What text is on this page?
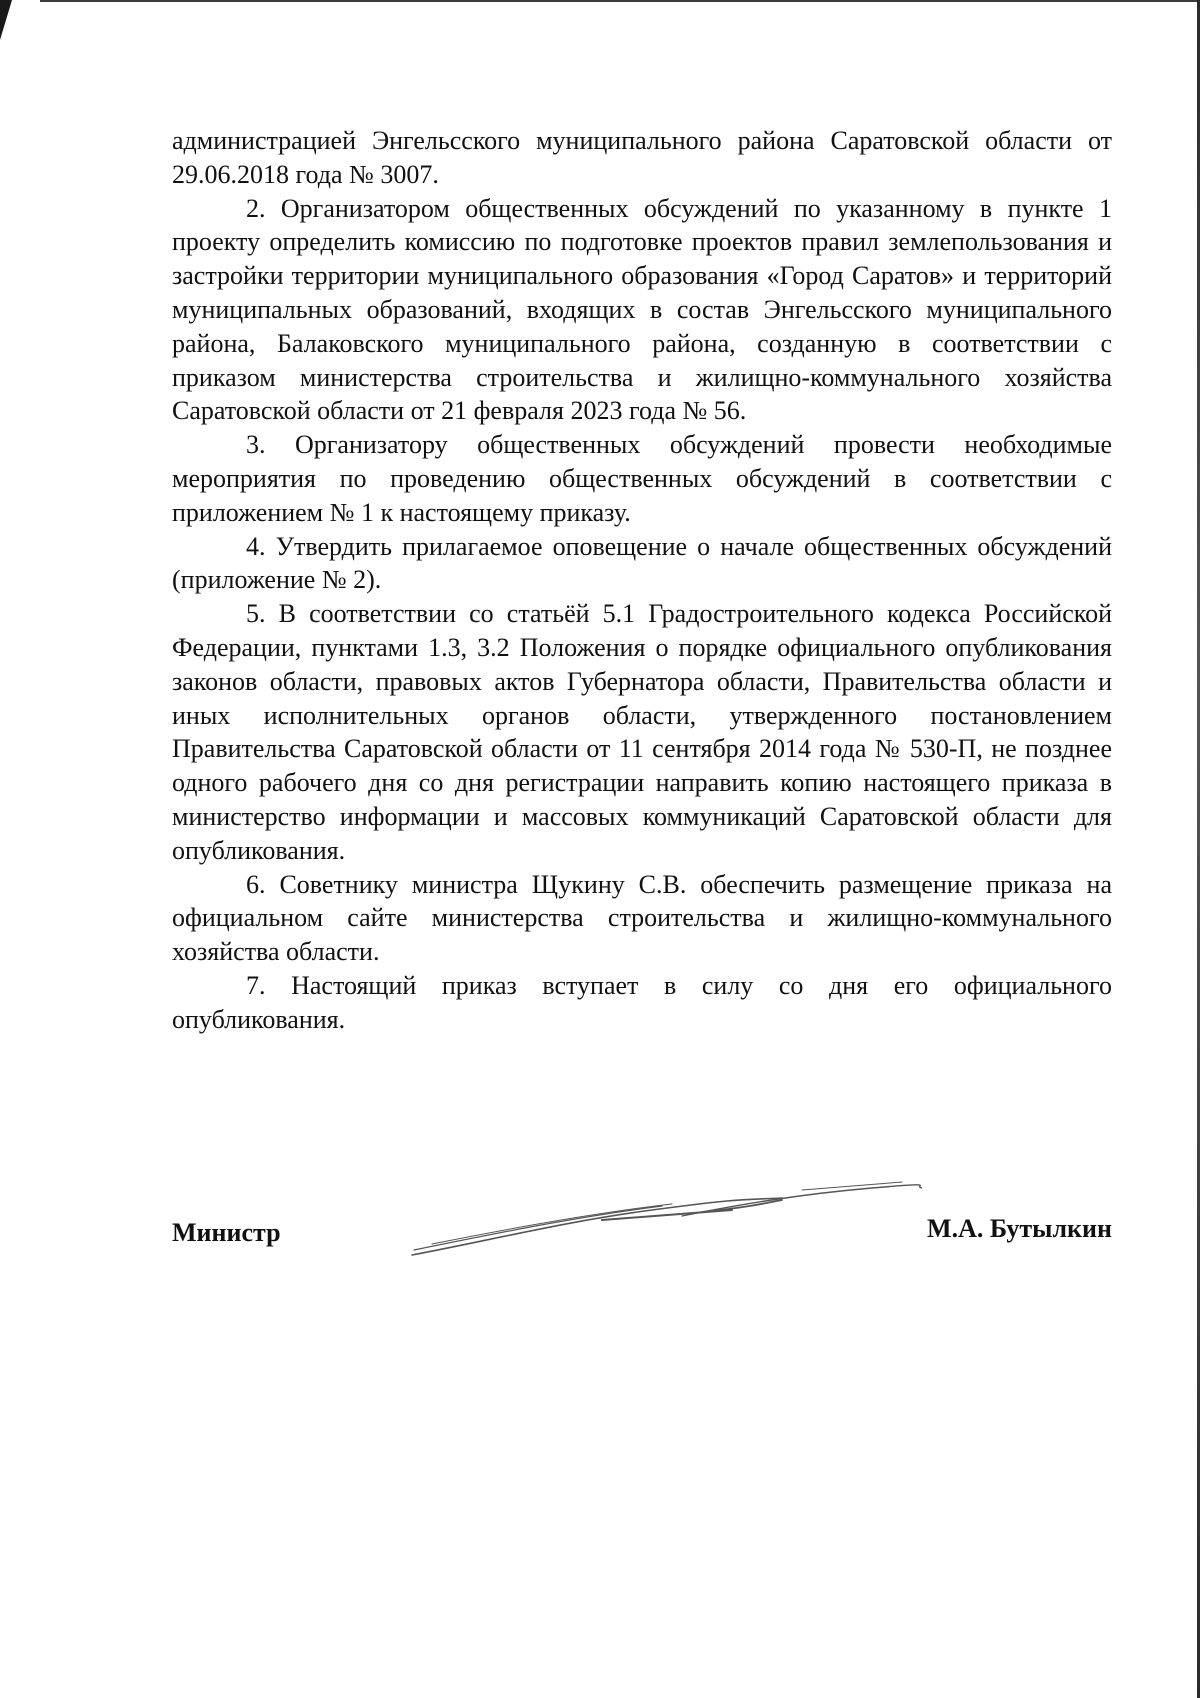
администрацией Энгельсского муниципального района Саратовской области от 29.06.2018 года № 3007.

2. Организатором общественных обсуждений по указанному в пункте 1 проекту определить комиссию по подготовке проектов правил землепользования и застройки территории муниципального образования «Город Саратов» и территорий муниципальных образований, входящих в состав Энгельсского муниципального района, Балаковского муниципального района, созданную в соответствии с приказом министерства строительства и жилищно-коммунального хозяйства Саратовской области от 21 февраля 2023 года № 56.

3. Организатору общественных обсуждений провести необходимые мероприятия по проведению общественных обсуждений в соответствии с приложением № 1 к настоящему приказу.

4. Утвердить прилагаемое оповещение о начале общественных обсуждений (приложение № 2).

5. В соответствии со статьёй 5.1 Градостроительного кодекса Российской Федерации, пунктами 1.3, 3.2 Положения о порядке официального опубликования законов области, правовых актов Губернатора области, Правительства области и иных исполнительных органов области, утвержденного постановлением Правительства Саратовской области от 11 сентября 2014 года № 530-П, не позднее одного рабочего дня со дня регистрации направить копию настоящего приказа в министерство информации и массовых коммуникаций Саратовской области для опубликования.

6. Советнику министра Щукину С.В. обеспечить размещение приказа на официальном сайте министерства строительства и жилищно-коммунального хозяйства области.

7. Настоящий приказ вступает в силу со дня его официального опубликования.

Министр	М.А. Бутылкин
